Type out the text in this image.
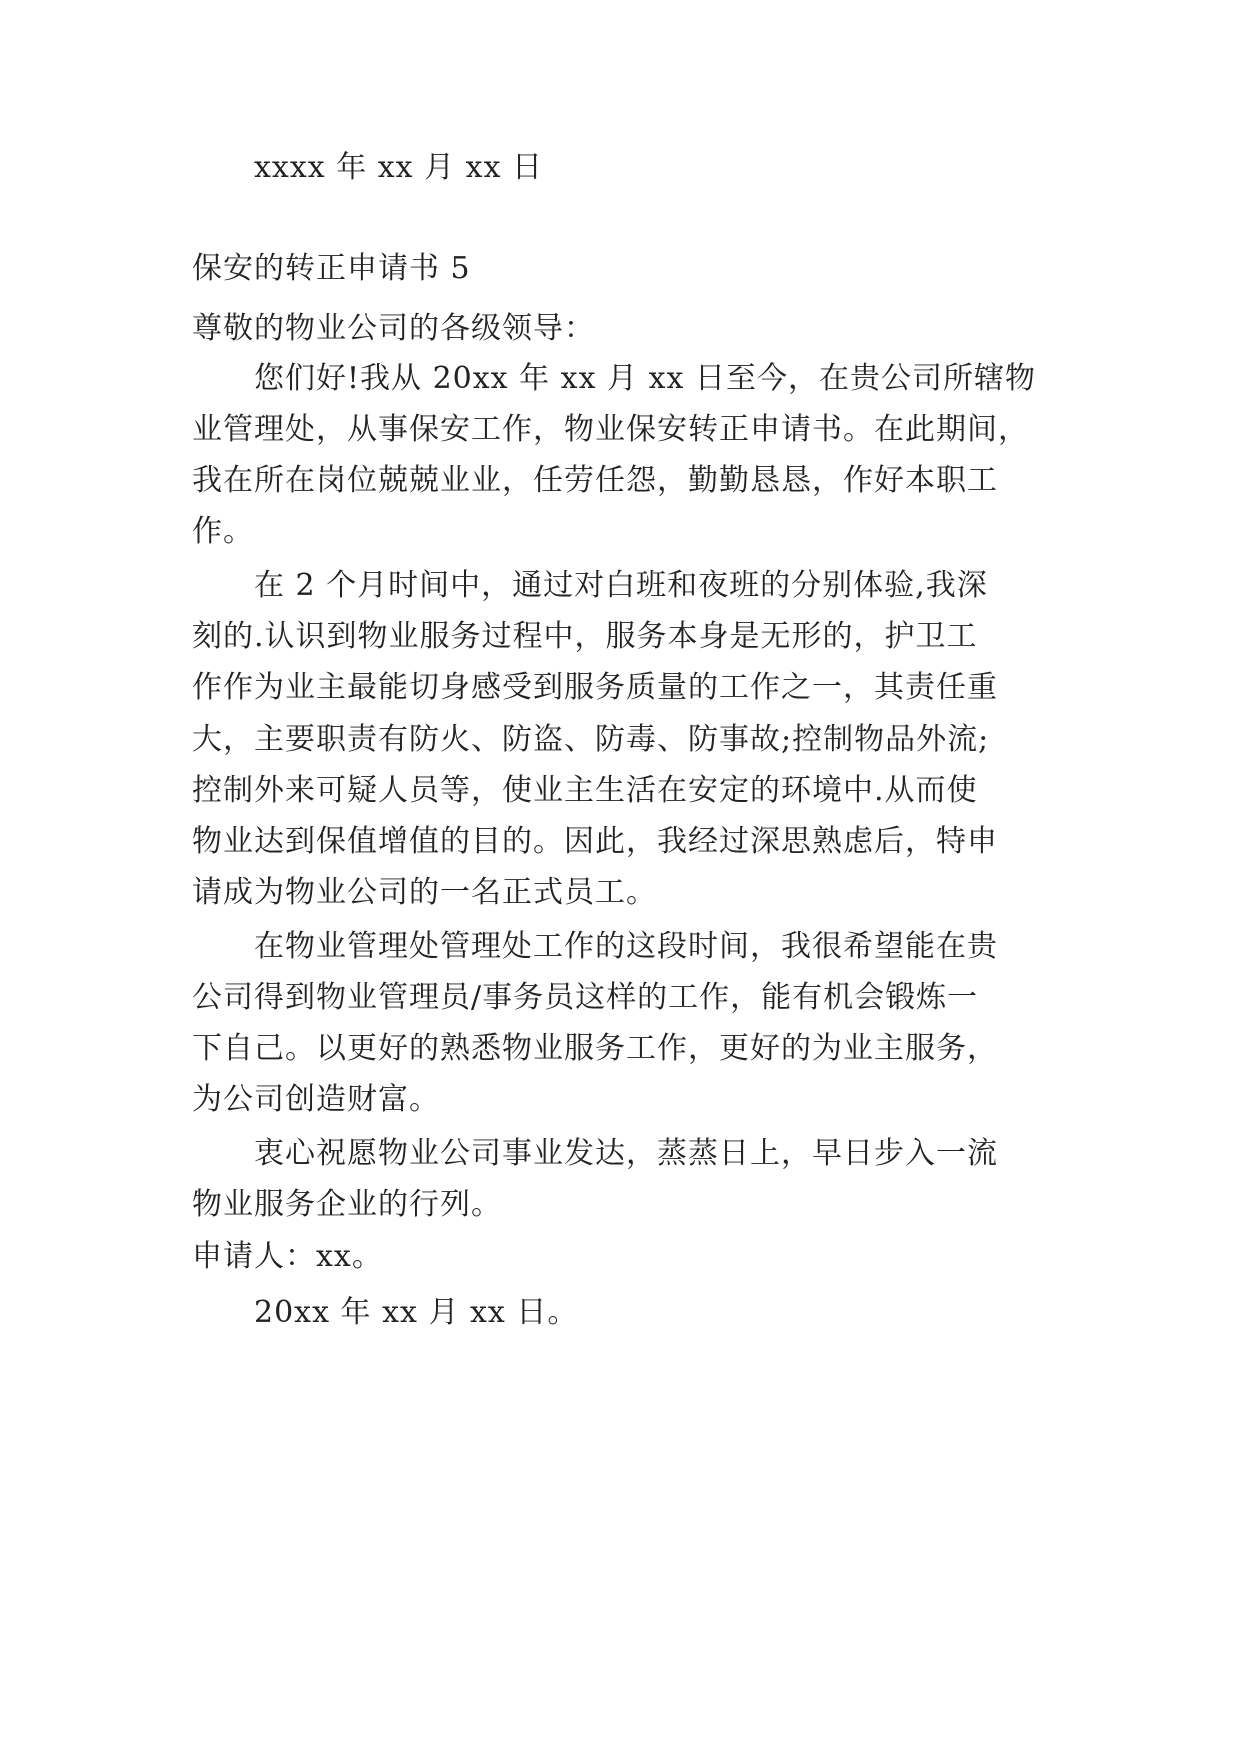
xxxx 年 xx 月 xx 日
保安的转正申请书 5
尊敬的物业公司的各级领导：
您们好!我从 20xx 年 xx 月 xx 日至今，在贵公司所辖物
业管理处，从事保安工作，物业保安转正申请书。在此期间，
我在所在岗位兢兢业业，任劳任怨，勤勤恳恳，作好本职工
作。
在 2 个月时间中，通过对白班和夜班的分别体验,我深
刻的.认识到物业服务过程中，服务本身是无形的，护卫工
作作为业主最能切身感受到服务质量的工作之一，其责任重
大，主要职责有防火、防盗、防毒、防事故;控制物品外流;
控制外来可疑人员等，使业主生活在安定的环境中.从而使
物业达到保值增值的目的。因此，我经过深思熟虑后，特申
请成为物业公司的一名正式员工。
在物业管理处管理处工作的这段时间，我很希望能在贵
公司得到物业管理员/事务员这样的工作，能有机会锻炼一
下自己。以更好的熟悉物业服务工作，更好的为业主服务，
为公司创造财富。
衷心祝愿物业公司事业发达，蒸蒸日上，早日步入一流
物业服务企业的行列。
申请人：xx。
20xx 年 xx 月 xx 日。
